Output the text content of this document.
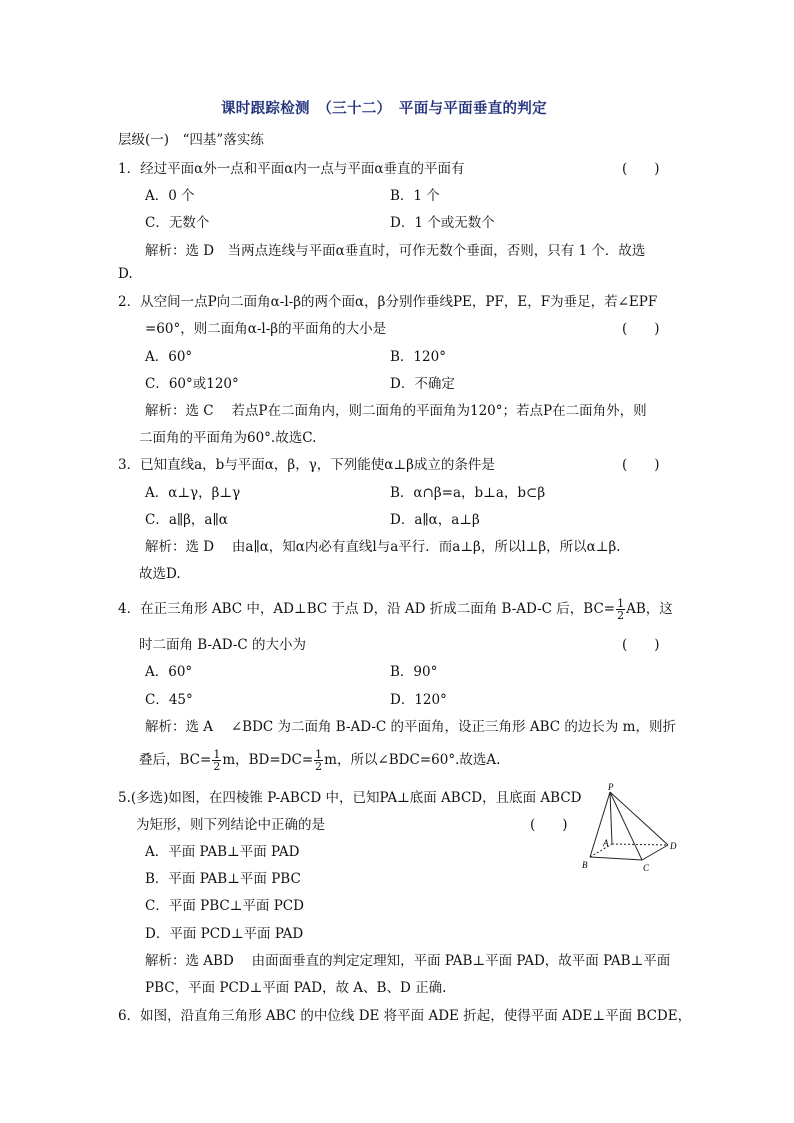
课时跟踪检测　（三十二）　平面与平面垂直的判定
层级(一)　“四基”落实练
1．经过平面α外一点和平面α内一点与平面α垂直的平面有	(　　)
A．0 个	B．1 个
C．无数个	D．1 个或无数个
解析：选 D　当两点连线与平面α垂直时，可作无数个垂面，否则，只有 1 个．故选
D.
2．从空间一点P向二面角α-l-β的两个面α，β分别作垂线PE，PF，E，F为垂足，若∠EPF
=60°，则二面角α-l-β的平面角的大小是	(　　)
A．60°	B．120°
C．60°或120°	D．不确定
解析：选 C　 若点P在二面角内，则二面角的平面角为120°；若点P在二面角外，则
二面角的平面角为60°.故选C.
3．已知直线a，b与平面α，β，γ，下列能使α⊥β成立的条件是	(　　)
A．α⊥γ，β⊥γ	B．α∩β=a，b⊥a，b⊂β
C．a∥β，a∥α	D．a∥α，a⊥β
解析：选 D　 由a∥α，知α内必有直线l与a平行．而a⊥β，所以l⊥β，所以α⊥β.
故选D.
4．在正三角形 ABC 中，AD⊥BC 于点 D，沿 AD 折成二面角 B-AD-C 后，$BC= \frac{1}{2}$ AB，这
时二面角 B-AD-C 的大小为	(　　)
A．60°	B．90°
C．45°	D．120°
解析：选 A　 ∠BDC 为二面角 B-AD-C 的平面角，设正三角形 ABC 的边长为 m，则折
叠后，$BC= \frac{1}{2}$ m，$BD=DC= \frac{1}{2}$ m，所以∠BDC=60°.故选A.
5.(多选)如图，在四棱锥 P-ABCD 中，已知PA⊥底面 ABCD，且底面 ABCD
为矩形，则下列结论中正确的是	(　　)
A．平面 PAB⊥平面 PAD
B．平面 PAB⊥平面 PBC
C．平面 PBC⊥平面 PCD
D．平面 PCD⊥平面 PAD
解析：选 ABD　 由面面垂直的判定定理知，平面 PAB⊥平面 PAD，故平面 PAB⊥平面
PBC，平面 PCD⊥平面 PAD，故 A、B、D 正确.
P
A
B	C
D
6．如图，沿直角三角形 ABC 的中位线 DE 将平面 ADE 折起，使得平面 ADE⊥平面 BCDE，
